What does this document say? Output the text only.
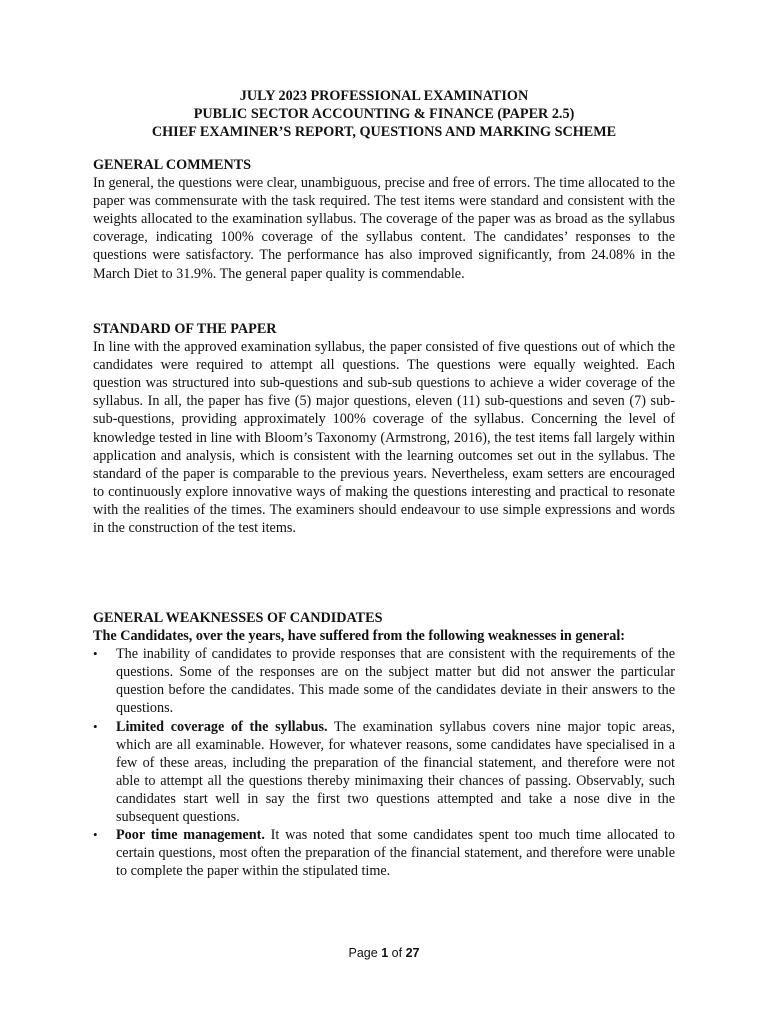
JULY 2023 PROFESSIONAL EXAMINATION
PUBLIC SECTOR ACCOUNTING & FINANCE (PAPER 2.5)
CHIEF EXAMINER’S REPORT, QUESTIONS AND MARKING SCHEME

GENERAL COMMENTS

In general, the questions were clear, unambiguous, precise and free of errors. The time allocated to the paper was commensurate with the task required. The test items were standard and consistent with the weights allocated to the examination syllabus. The coverage of the paper was as broad as the syllabus coverage, indicating 100% coverage of the syllabus content. The candidates’ responses to the questions were satisfactory. The performance has also improved significantly, from 24.08% in the March Diet to 31.9%. The general paper quality is commendable.

STANDARD OF THE PAPER

In line with the approved examination syllabus, the paper consisted of five questions out of which the candidates were required to attempt all questions. The questions were equally weighted. Each question was structured into sub-questions and sub-sub questions to achieve a wider coverage of the syllabus. In all, the paper has five (5) major questions, eleven (11) sub-questions and seven (7) sub-sub-questions, providing approximately 100% coverage of the syllabus. Concerning the level of knowledge tested in line with Bloom’s Taxonomy (Armstrong, 2016), the test items fall largely within application and analysis, which is consistent with the learning outcomes set out in the syllabus. The standard of the paper is comparable to the previous years. Nevertheless, exam setters are encouraged to continuously explore innovative ways of making the questions interesting and practical to resonate with the realities of the times. The examiners should endeavour to use simple expressions and words in the construction of the test items.

GENERAL WEAKNESSES OF CANDIDATES

The Candidates, over the years, have suffered from the following weaknesses in general:

• The inability of candidates to provide responses that are consistent with the requirements of the questions. Some of the responses are on the subject matter but did not answer the particular question before the candidates. This made some of the candidates deviate in their answers to the questions.
• Limited coverage of the syllabus. The examination syllabus covers nine major topic areas, which are all examinable. However, for whatever reasons, some candidates have specialised in a few of these areas, including the preparation of the financial statement, and therefore were not able to attempt all the questions thereby minimaxing their chances of passing. Observably, such candidates start well in say the first two questions attempted and take a nose dive in the subsequent questions.
• Poor time management. It was noted that some candidates spent too much time allocated to certain questions, most often the preparation of the financial statement, and therefore were unable to complete the paper within the stipulated time.
Page 1 of 27
